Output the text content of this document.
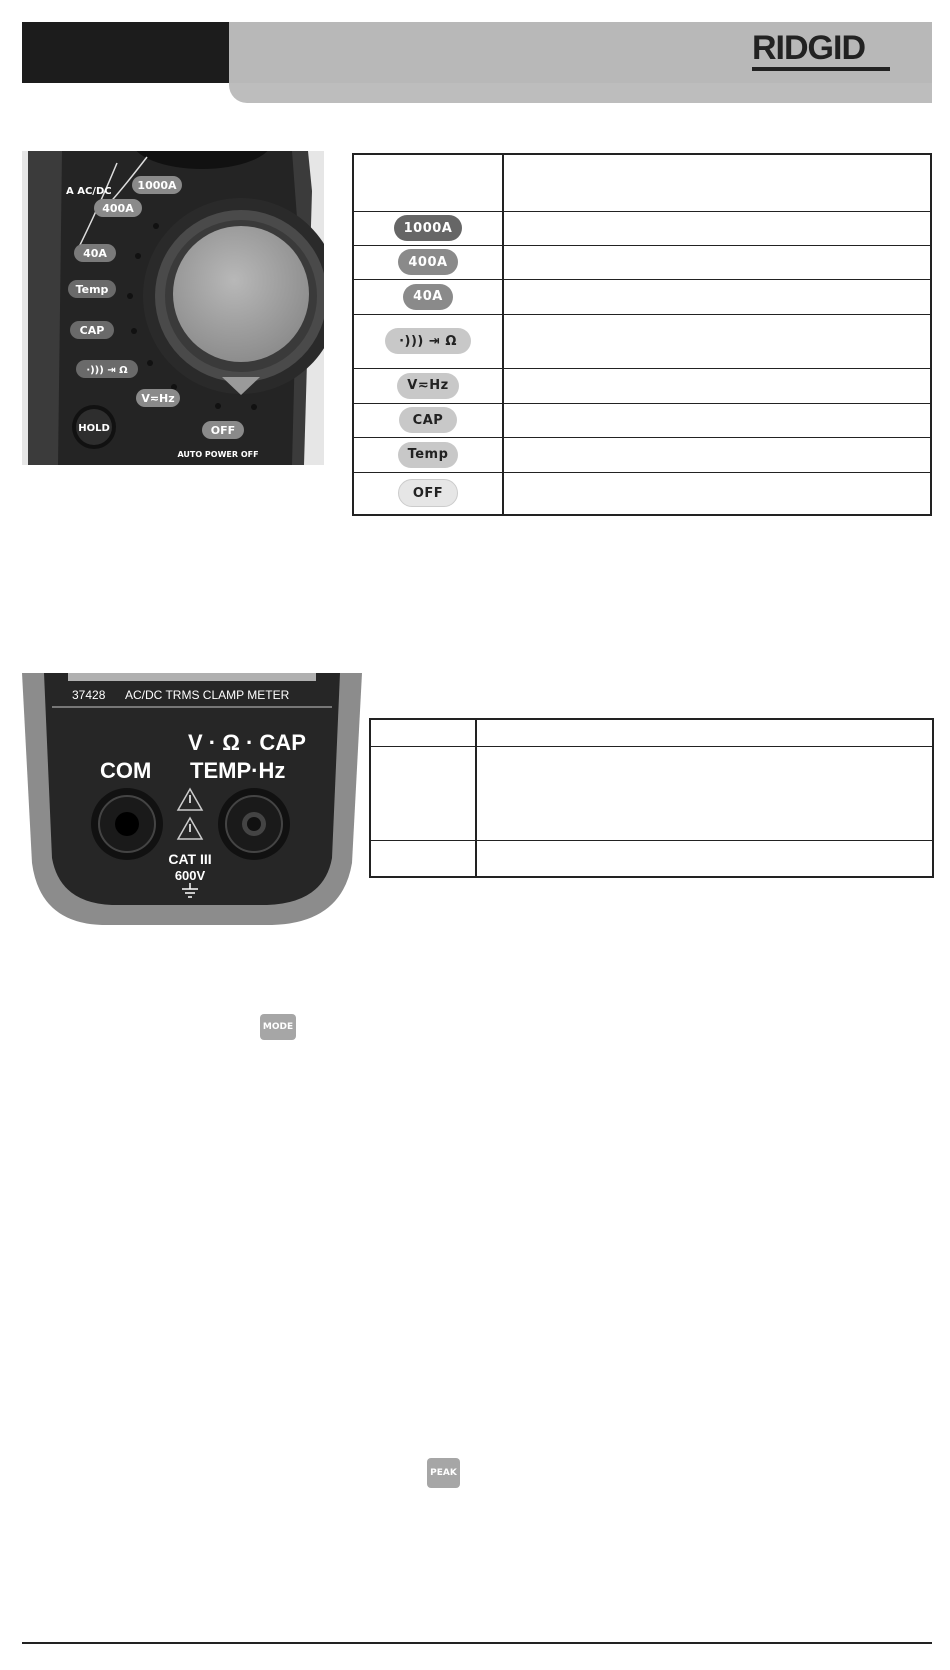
RIDGID
A AC/DC 1000A
400A
40A
Temp
CAP
·))) ⇥ Ω
V≂Hz
HOLD	OFF
AUTO POWER OFF
1000A
400A
40A
·))) ⇥ Ω
V≂Hz
CAP
Temp
OFF
37428 AC/DC TRMS CLAMP METER
COM
V · Ω · CAP
TEMP·Hz
CAT III
600V
MODE
PEAK
